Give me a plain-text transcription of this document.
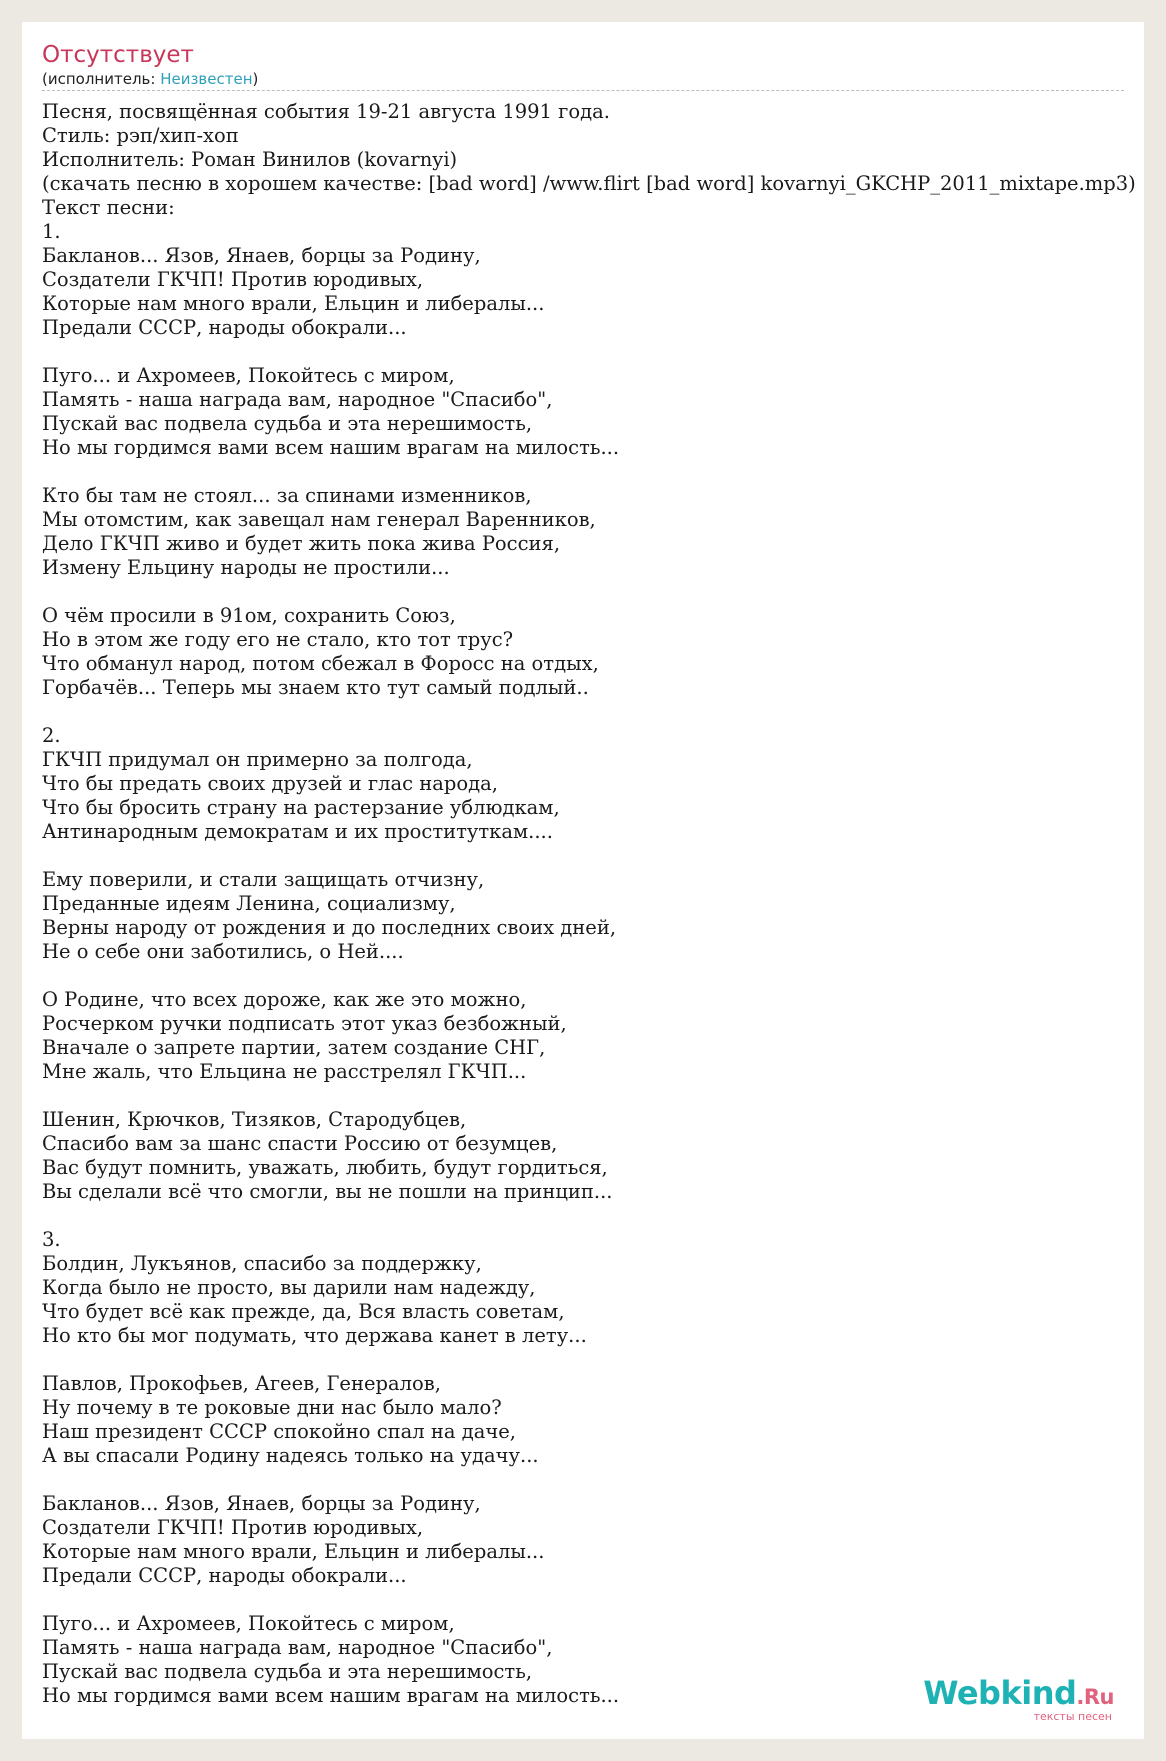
Отсутствует
(исполнитель: Неизвестен)
Песня, посвящённая события 19-21 августа 1991 года.
Стиль: рэп/хип-хоп
Исполнитель: Роман Винилов (kovarnyi)
(скачать песню в хорошем качестве: [bad word] /www.flirt [bad word] kovarnyi_GKCHP_2011_mixtape.mp3)
Текст песни:
1.
Бакланов... Язов, Янаев, борцы за Родину,
Создатели ГКЧП! Против юродивых,
Которые нам много врали, Ельцин и либералы...
Предали СССР, народы обокрали...

Пуго... и Ахромеев, Покойтесь с миром,
Память - наша награда вам, народное "Спасибо",
Пускай вас подвела судьба и эта нерешимость,
Но мы гордимся вами всем нашим врагам на милость...

Кто бы там не стоял... за спинами изменников,
Мы отомстим, как завещал нам генерал Варенников,
Дело ГКЧП живо и будет жить пока жива Россия,
Измену Ельцину народы не простили...

О чём просили в 91ом, сохранить Союз,
Но в этом же году его не стало, кто тот трус?
Что обманул народ, потом сбежал в Форосс на отдых,
Горбачёв... Теперь мы знаем кто тут самый подлый..

2.
ГКЧП придумал он примерно за полгода,
Что бы предать своих друзей и глас народа,
Что бы бросить страну на растерзание ублюдкам,
Антинародным демократам и их проституткам....

Ему поверили, и стали защищать отчизну,
Преданные идеям Ленина, социализму,
Верны народу от рождения и до последних своих дней,
Не о себе они заботились, о Ней....

О Родине, что всех дороже, как же это можно,
Росчерком ручки подписать этот указ безбожный,
Вначале о запрете партии, затем создание СНГ,
Мне жаль, что Ельцина не расстрелял ГКЧП...

Шенин, Крючков, Тизяков, Стародубцев,
Спасибо вам за шанс спасти Россию от безумцев,
Вас будут помнить, уважать, любить, будут гордиться,
Вы сделали всё что смогли, вы не пошли на принцип...

3.
Болдин, Лукъянов, спасибо за поддержку,
Когда было не просто, вы дарили нам надежду,
Что будет всё как прежде, да, Вся власть советам,
Но кто бы мог подумать, что держава канет в лету...

Павлов, Прокофьев, Агеев, Генералов,
Ну почему в те роковые дни нас было мало?
Наш президент СССР спокойно спал на даче,
А вы спасали Родину надеясь только на удачу...

Бакланов... Язов, Янаев, борцы за Родину,
Создатели ГКЧП! Против юродивых,
Которые нам много врали, Ельцин и либералы...
Предали СССР, народы обокрали...

Пуго... и Ахромеев, Покойтесь с миром,
Память - наша награда вам, народное "Спасибо",
Пускай вас подвела судьба и эта нерешимость,
Но мы гордимся вами всем нашим врагам на милость...	Webkind.Ru
тексты песен
